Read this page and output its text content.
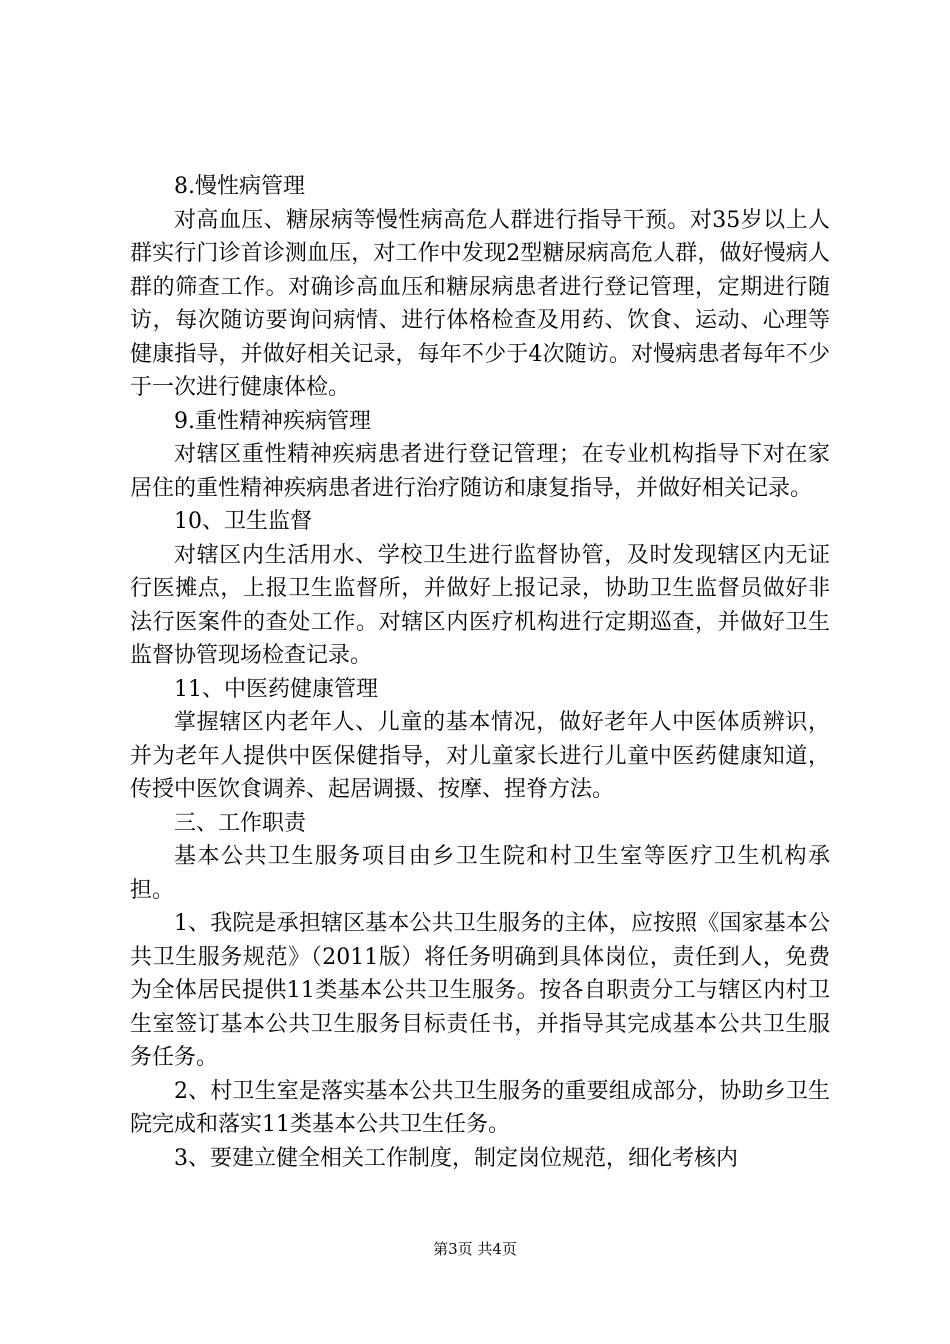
8.慢性病管理

对高血压、糖尿病等慢性病高危人群进行指导干预。对35岁以上人群实行门诊首诊测血压，对工作中发现2型糖尿病高危人群，做好慢病人群的筛查工作。对确诊高血压和糖尿病患者进行登记管理，定期进行随访，每次随访要询问病情、进行体格检查及用药、饮食、运动、心理等健康指导，并做好相关记录，每年不少于4次随访。对慢病患者每年不少于一次进行健康体检。

9.重性精神疾病管理

对辖区重性精神疾病患者进行登记管理；在专业机构指导下对在家居住的重性精神疾病患者进行治疗随访和康复指导，并做好相关记录。

10、卫生监督

对辖区内生活用水、学校卫生进行监督协管，及时发现辖区内无证行医摊点，上报卫生监督所，并做好上报记录，协助卫生监督员做好非法行医案件的查处工作。对辖区内医疗机构进行定期巡查，并做好卫生监督协管现场检查记录。

11、中医药健康管理

掌握辖区内老年人、儿童的基本情况，做好老年人中医体质辨识，并为老年人提供中医保健指导，对儿童家长进行儿童中医药健康知道，传授中医饮食调养、起居调摄、按摩、捏脊方法。

三、工作职责

基本公共卫生服务项目由乡卫生院和村卫生室等医疗卫生机构承担。

1、我院是承担辖区基本公共卫生服务的主体，应按照《国家基本公共卫生服务规范》（2011版）将任务明确到具体岗位，责任到人，免费为全体居民提供11类基本公共卫生服务。按各自职责分工与辖区内村卫生室签订基本公共卫生服务目标责任书，并指导其完成基本公共卫生服务任务。

2、村卫生室是落实基本公共卫生服务的重要组成部分，协助乡卫生院完成和落实11类基本公共卫生任务。

3、要建立健全相关工作制度，制定岗位规范，细化考核内

第3页 共4页
